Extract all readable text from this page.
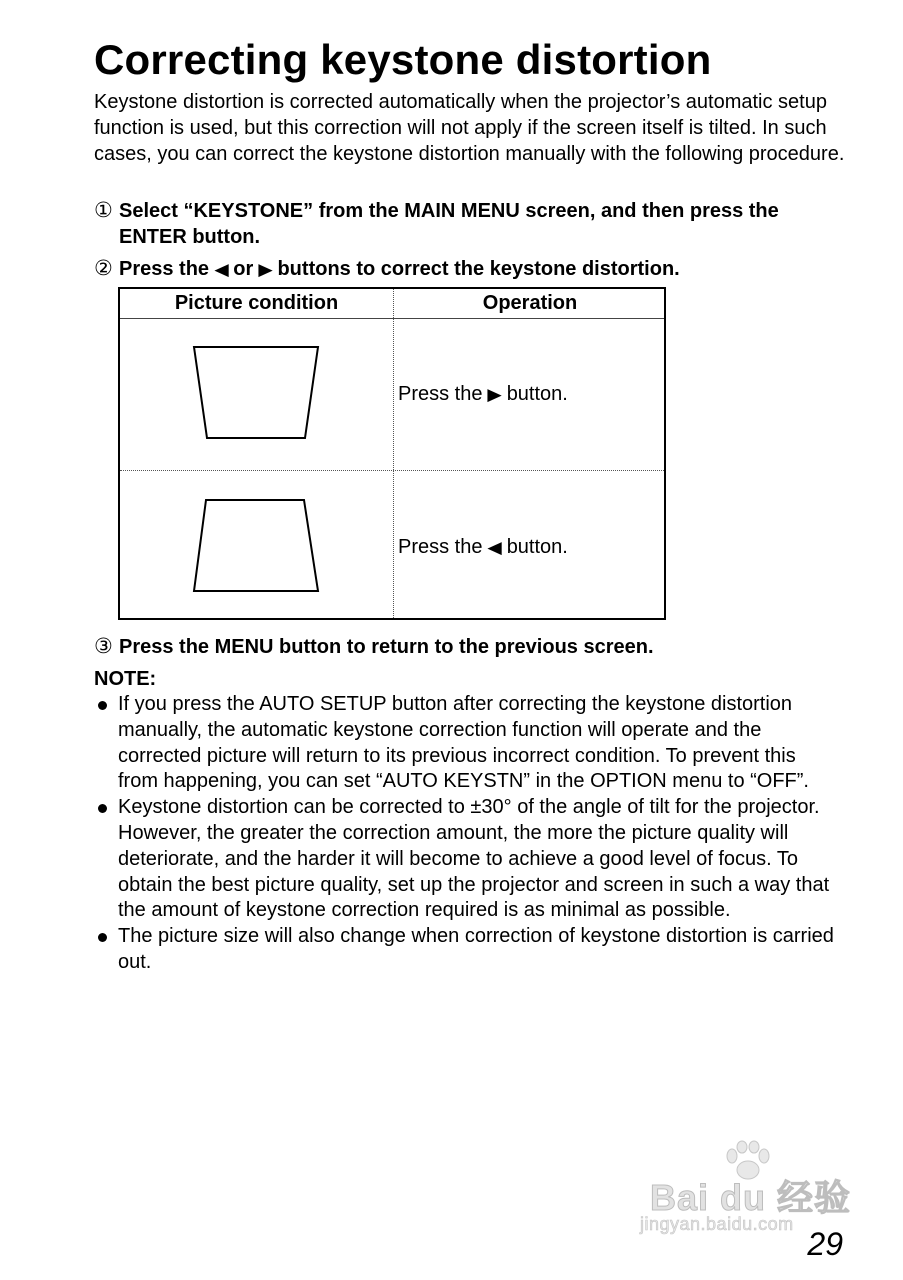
Correcting keystone distortion

Keystone distortion is corrected automatically when the projector’s automatic setup function is used, but this correction will not apply if the screen itself is tilted. In such cases, you can correct the keystone distortion manually with the following procedure.

① Select “KEYSTONE” from the MAIN MENU screen, and then press the
ENTER button.
② Press the ◀ or ▶ buttons to correct the keystone distortion.
Picture condition	Operation
Press the ▶ button.
Press the ◀ button.
③ Press the MENU button to return to the previous screen.
NOTE:
If you press the AUTO SETUP button after correcting the keystone distortion manually, the automatic keystone correction function will operate and the corrected picture will return to its previous incorrect condition. To prevent this from happening, you can set “AUTO KEYSTN” in the OPTION menu to “OFF”.
Keystone distortion can be corrected to ±30° of the angle of tilt for the projector. However, the greater the correction amount, the more the picture quality will deteriorate, and the harder it will become to achieve a good level of focus. To obtain the best picture quality, set up the projector and screen in such a way that the amount of keystone correction required is as minimal as possible.
The picture size will also change when correction of keystone distortion is carried out.
Bai du 经验
jingyan.baidu.com
29
